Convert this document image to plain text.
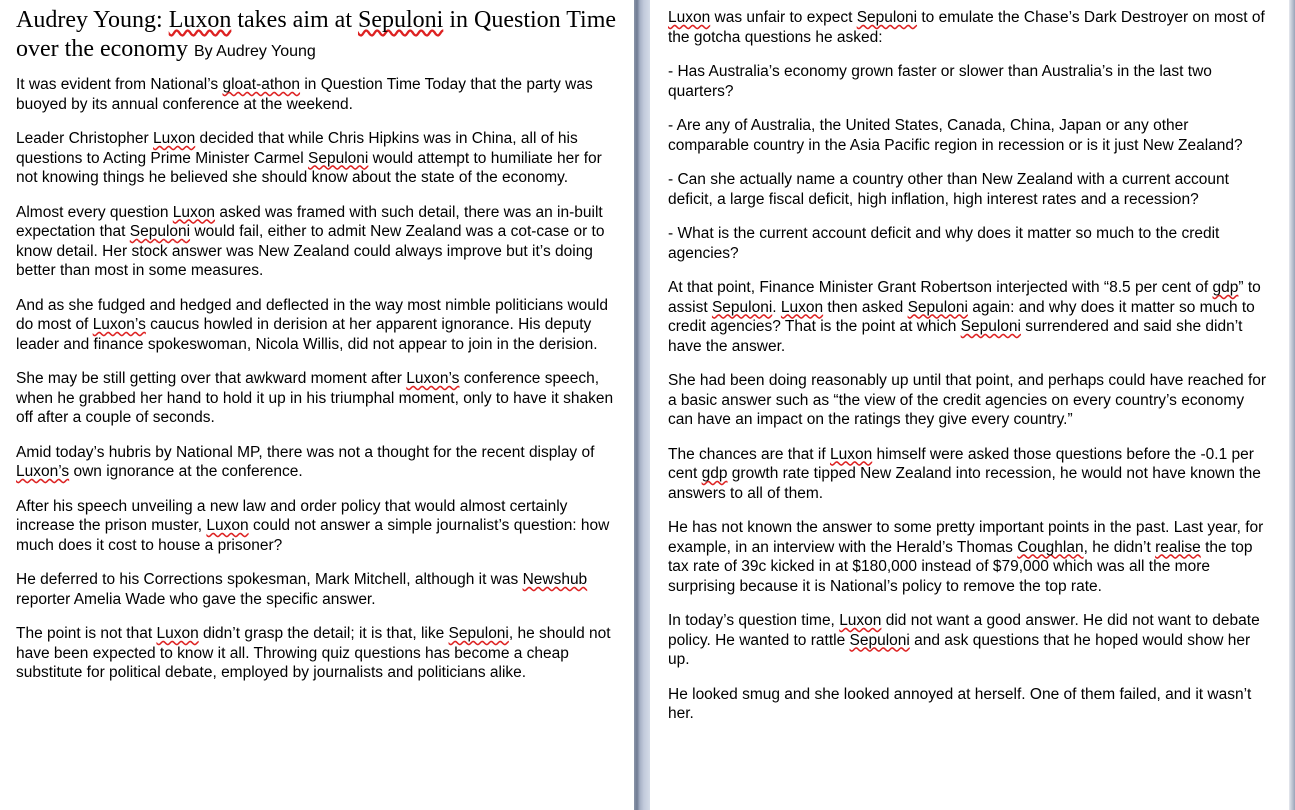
Audrey Young: Luxon takes aim at Sepuloni in Question Time over the economy By Audrey Young

It was evident from National’s gloat-athon in Question Time Today that the party was buoyed by its annual conference at the weekend.

Leader Christopher Luxon decided that while Chris Hipkins was in China, all of his questions to Acting Prime Minister Carmel Sepuloni would attempt to humiliate her for not knowing things he believed she should know about the state of the economy.

Almost every question Luxon asked was framed with such detail, there was an in-built expectation that Sepuloni would fail, either to admit New Zealand was a cot-case or to know detail. Her stock answer was New Zealand could always improve but it’s doing better than most in some measures.

And as she fudged and hedged and deflected in the way most nimble politicians would do most of Luxon’s caucus howled in derision at her apparent ignorance. His deputy leader and finance spokeswoman, Nicola Willis, did not appear to join in the derision.

She may be still getting over that awkward moment after Luxon’s conference speech, when he grabbed her hand to hold it up in his triumphal moment, only to have it shaken off after a couple of seconds.

Amid today’s hubris by National MP, there was not a thought for the recent display of Luxon’s own ignorance at the conference.

After his speech unveiling a new law and order policy that would almost certainly increase the prison muster, Luxon could not answer a simple journalist’s question: how much does it cost to house a prisoner?

He deferred to his Corrections spokesman, Mark Mitchell, although it was Newshub reporter Amelia Wade who gave the specific answer.

The point is not that Luxon didn’t grasp the detail; it is that, like Sepuloni, he should not have been expected to know it all. Throwing quiz questions has become a cheap substitute for political debate, employed by journalists and politicians alike.

Luxon was unfair to expect Sepuloni to emulate the Chase’s Dark Destroyer on most of the gotcha questions he asked:

- Has Australia’s economy grown faster or slower than Australia’s in the last two quarters?

- Are any of Australia, the United States, Canada, China, Japan or any other comparable country in the Asia Pacific region in recession or is it just New Zealand?

- Can she actually name a country other than New Zealand with a current account deficit, a large fiscal deficit, high inflation, high interest rates and a recession?

- What is the current account deficit and why does it matter so much to the credit agencies?

At that point, Finance Minister Grant Robertson interjected with “8.5 per cent of gdp” to assist Sepuloni. Luxon then asked Sepuloni again: and why does it matter so much to credit agencies? That is the point at which Sepuloni surrendered and said she didn’t have the answer.

She had been doing reasonably up until that point, and perhaps could have reached for a basic answer such as “the view of the credit agencies on every country’s economy can have an impact on the ratings they give every country.”

The chances are that if Luxon himself were asked those questions before the -0.1 per cent gdp growth rate tipped New Zealand into recession, he would not have known the answers to all of them.

He has not known the answer to some pretty important points in the past. Last year, for example, in an interview with the Herald’s Thomas Coughlan, he didn’t realise the top tax rate of 39c kicked in at $180,000 instead of $79,000 which was all the more surprising because it is National’s policy to remove the top rate.

In today’s question time, Luxon did not want a good answer. He did not want to debate policy. He wanted to rattle Sepuloni and ask questions that he hoped would show her up.

He looked smug and she looked annoyed at herself. One of them failed, and it wasn’t her.
